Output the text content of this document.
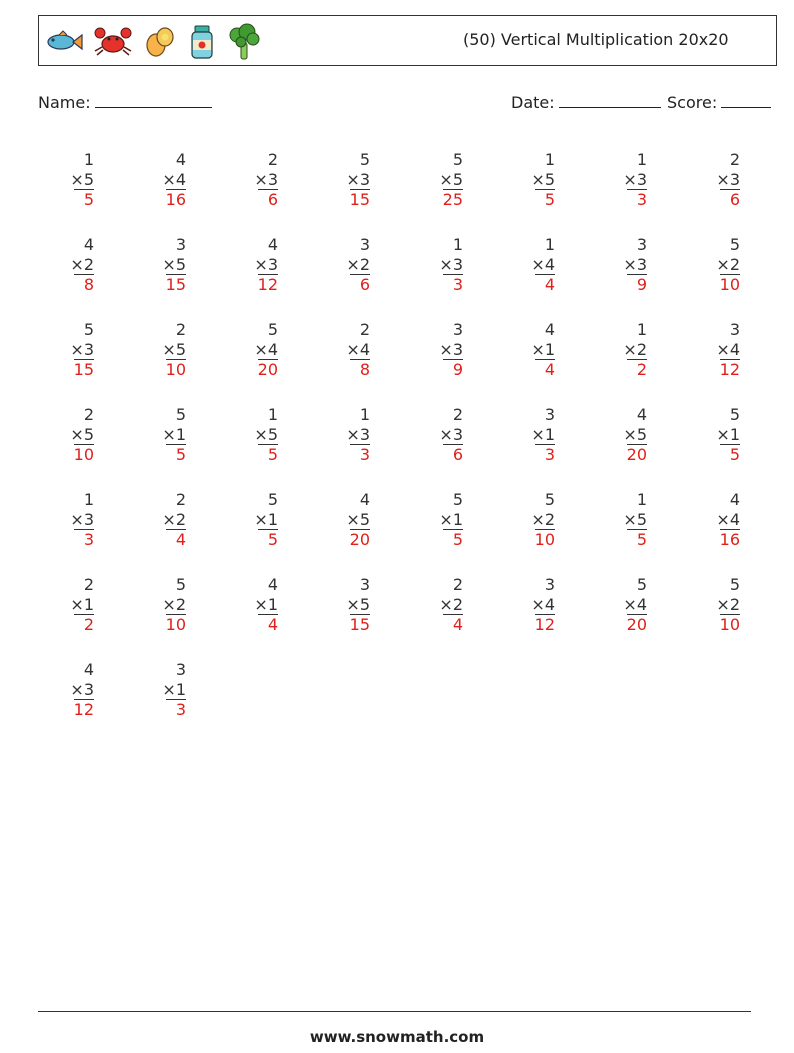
(50) Vertical Multiplication 20x20
Name:	Date:	Score:
1
×5
5
4
×4
16
2
×3
6
5
×3
15
5
×5
25
1
×5
5
1
×3
3
2
×3
6
4
×2
8
3
×5
15
4
×3
12
3
×2
6
1
×3
3
1
×4
4
3
×3
9
5
×2
10
5
×3
15
2
×5
10
5
×4
20
2
×4
8
3
×3
9
4
×1
4
1
×2
2
3
×4
12
2
×5
10
5
×1
5
1
×5
5
1
×3
3
2
×3
6
3
×1
3
4
×5
20
5
×1
5
1
×3
3
2
×2
4
5
×1
5
4
×5
20
5
×1
5
5
×2
10
1
×5
5
4
×4
16
2
×1
2
5
×2
10
4
×1
4
3
×5
15
2
×2
4
3
×4
12
5
×4
20
5
×2
10
4
×3
12
3
×1
3
www.snowmath.com
